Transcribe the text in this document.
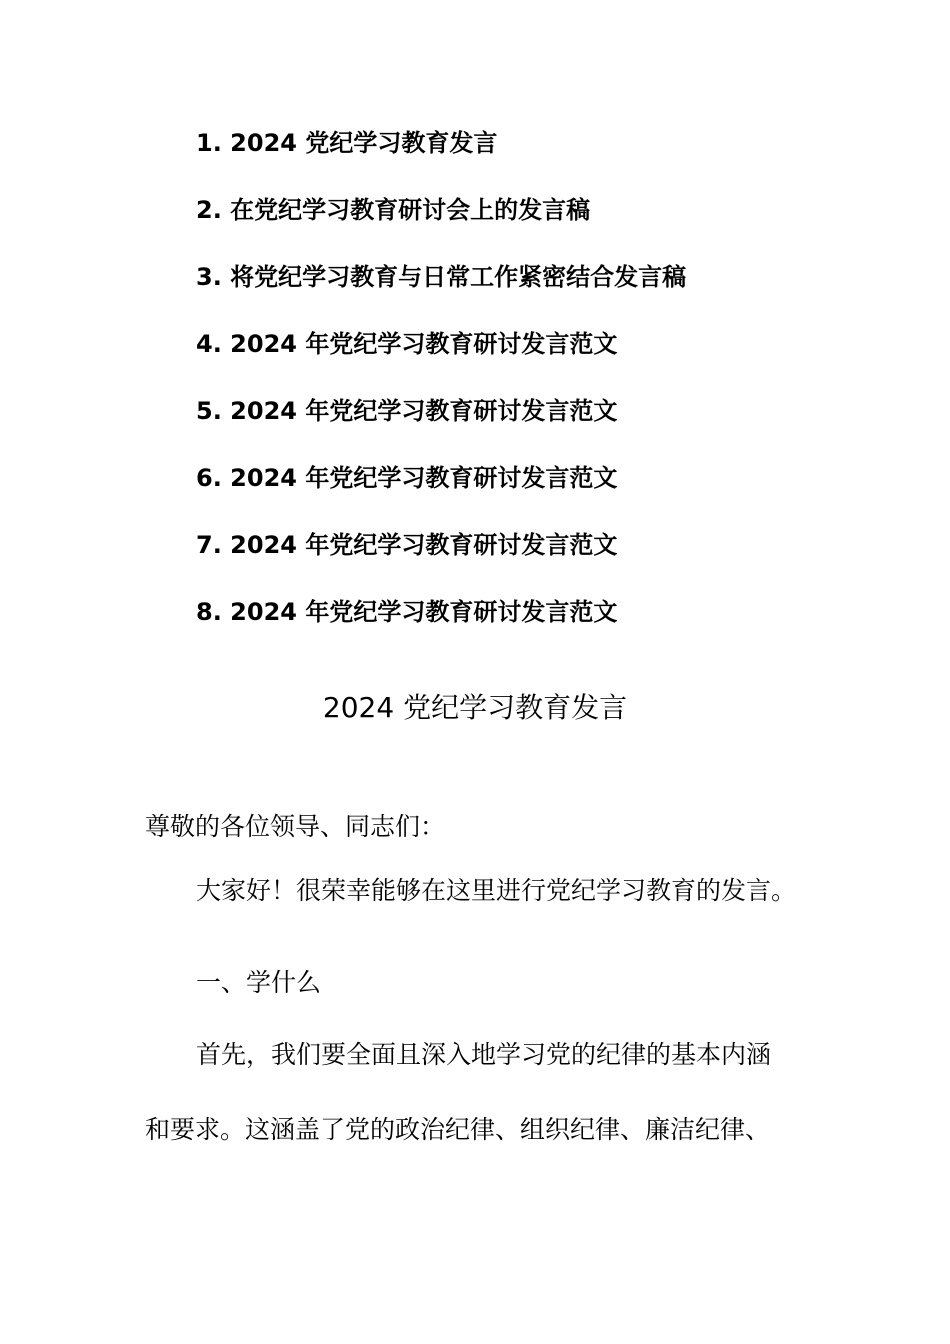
1. 2024 党纪学习教育发言
2. 在党纪学习教育研讨会上的发言稿
3. 将党纪学习教育与日常工作紧密结合发言稿
4. 2024 年党纪学习教育研讨发言范文
5. 2024 年党纪学习教育研讨发言范文
6. 2024 年党纪学习教育研讨发言范文
7. 2024 年党纪学习教育研讨发言范文
8. 2024 年党纪学习教育研讨发言范文
2024 党纪学习教育发言
尊敬的各位领导、同志们：
大家好！很荣幸能够在这里进行党纪学习教育的发言。
一、学什么
首先，我们要全面且深入地学习党的纪律的基本内涵
和要求。这涵盖了党的政治纪律、组织纪律、廉洁纪律、
